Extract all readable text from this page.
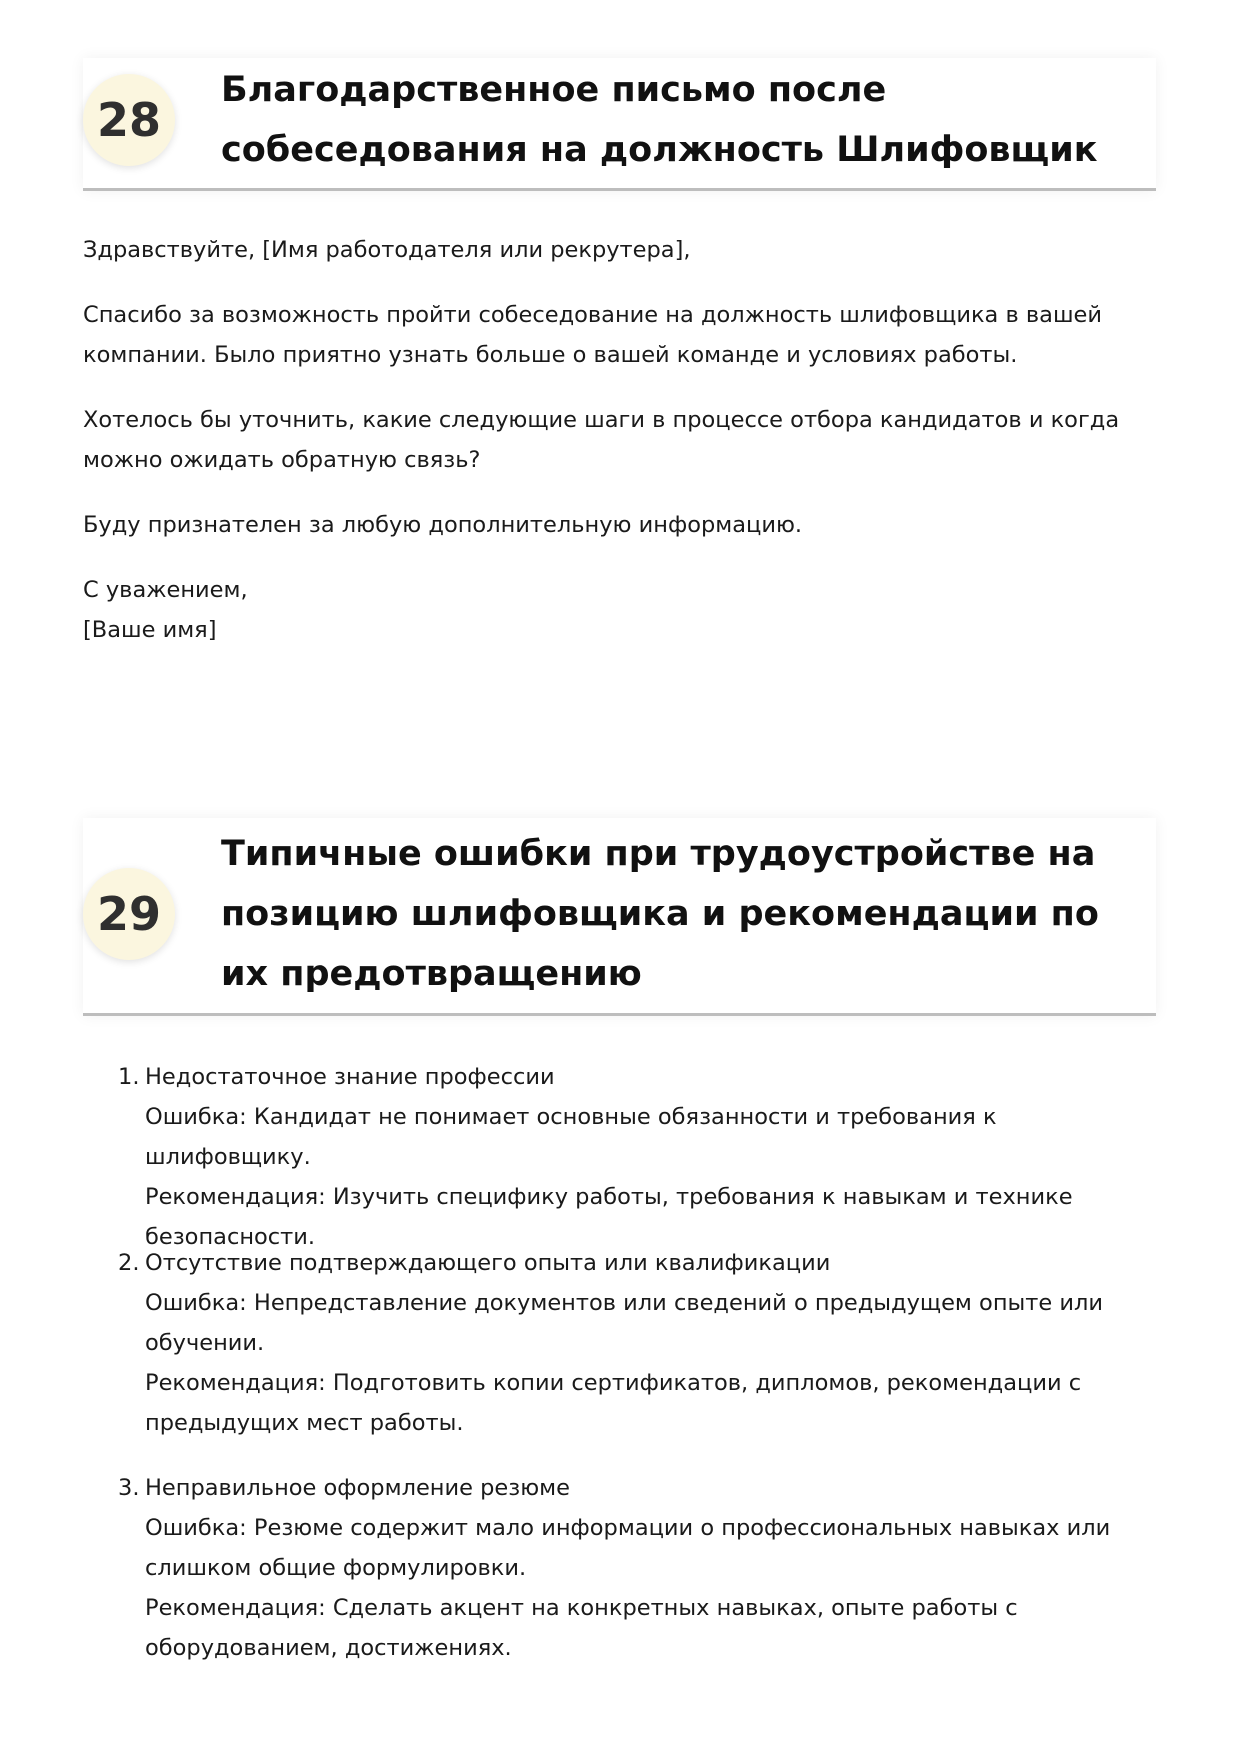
28
Благодарственное письмо после собеседования на должность Шлифовщик

Здравствуйте, [Имя работодателя или рекрутера],

Спасибо за возможность пройти собеседование на должность шлифовщика в вашей компании. Было приятно узнать больше о вашей команде и условиях работы.

Хотелось бы уточнить, какие следующие шаги в процессе отбора кандидатов и когда можно ожидать обратную связь?

Буду признателен за любую дополнительную информацию.

С уважением,
[Ваше имя]

29
Типичные ошибки при трудоустройстве на позицию шлифовщика и рекомендации по их предотвращению
1. Недостаточное знание профессии
Ошибка: Кандидат не понимает основные обязанности и требования к шлифовщику.
Рекомендация: Изучить специфику работы, требования к навыкам и технике безопасности.
2. Отсутствие подтверждающего опыта или квалификации
Ошибка: Непредставление документов или сведений о предыдущем опыте или обучении.
Рекомендация: Подготовить копии сертификатов, дипломов, рекомендации с предыдущих мест работы.
3. Неправильное оформление резюме
Ошибка: Резюме содержит мало информации о профессиональных навыках или слишком общие формулировки.
Рекомендация: Сделать акцент на конкретных навыках, опыте работы с оборудованием, достижениях.
